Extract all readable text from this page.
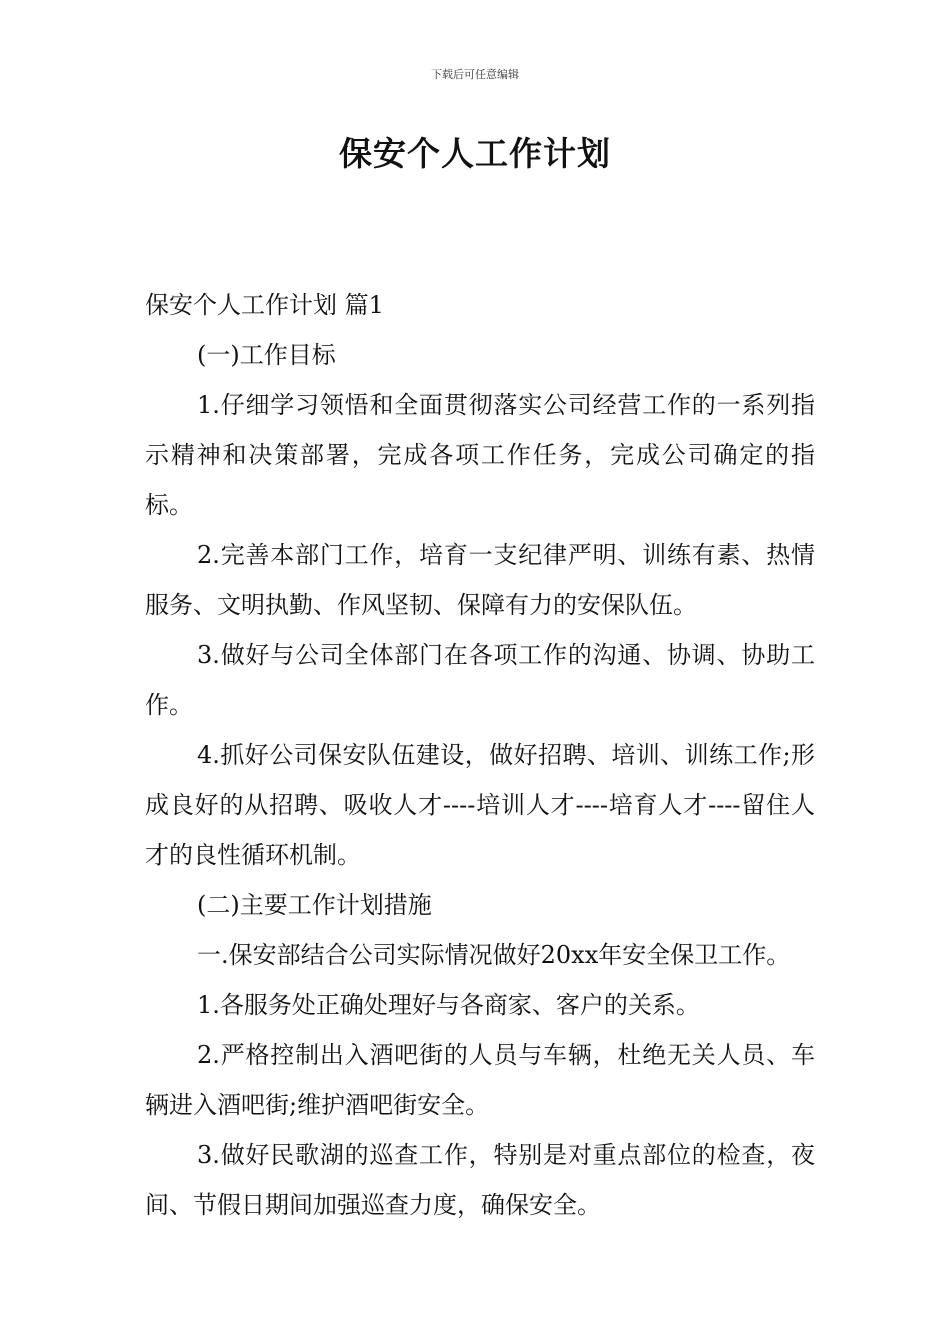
下载后可任意编辑
保安个人工作计划

保安个人工作计划 篇1

(一)工作目标

1.仔细学习领悟和全面贯彻落实公司经营工作的一系列指示精神和决策部署，完成各项工作任务，完成公司确定的指标。

2.完善本部门工作，培育一支纪律严明、训练有素、热情服务、文明执勤、作风坚韧、保障有力的安保队伍。

3.做好与公司全体部门在各项工作的沟通、协调、协助工作。

4.抓好公司保安队伍建设，做好招聘、培训、训练工作;形成良好的从招聘、吸收人才----培训人才----培育人才----留住人才的良性循环机制。

(二)主要工作计划措施

一.保安部结合公司实际情况做好20xx年安全保卫工作。

1.各服务处正确处理好与各商家、客户的关系。

2.严格控制出入酒吧街的人员与车辆，杜绝无关人员、车辆进入酒吧街;维护酒吧街安全。

3.做好民歌湖的巡查工作，特别是对重点部位的检查，夜间、节假日期间加强巡查力度，确保安全。
